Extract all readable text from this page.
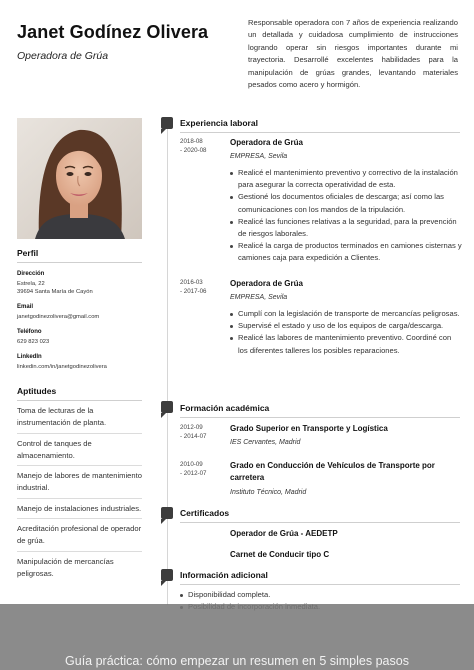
Janet Godínez Olivera
Operadora de Grúa
Responsable operadora con 7 años de experiencia realizando un detallada y cuidadosa cumplimiento de instrucciones logrando operar sin riesgos importantes durante mi trayectoria. Desarrollé excelentes habilidades para la manipulación de grúas grandes, levantando materiales pesados como acero y hormigón.
Perfil
Dirección
Estrela, 22
39694 Santa María de Cayón
Email
janetgodinezolivera@gmail.com
Teléfono
629 823 023
LinkedIn
linkedin.com/in/janetgodinezolivera
Aptitudes
Toma de lecturas de la instrumentación de planta.
Control de tanques de almacenamiento.
Manejo de labores de mantenimiento industrial.
Manejo de instalaciones industriales.
Acreditación profesional de operador de grúa.
Manipulación de mercancías peligrosas.
Experiencia laboral
2018-08
- 2020-08
Operadora de Grúa
EMPRESA, Sevila
Realicé el mantenimiento preventivo y correctivo de la instalación para asegurar la correcta operatividad de esta.
Gestioné los documentos oficiales de descarga; así como las comunicaciones con los mandos de la tripulación.
Realicé las funciones relativas a la seguridad, para la prevención de riesgos laborales.
Realicé la carga de productos terminados en camiones cisternas y camiones caja para expedición a Clientes.
2016-03
- 2017-06
Operadora de Grúa
EMPRESA, Sevila
Cumplí con la legislación de transporte de mercancías peligrosas.
Supervisé el estado y uso de los equipos de carga/descarga.
Realicé las labores de mantenimiento preventivo. Coordiné con los diferentes talleres los posibles reparaciones.
Formación académica
2012-09
- 2014-07
Grado Superior en Transporte y Logística
IES Cervantes, Madrid
2010-09
- 2012-07
Grado en Conducción de Vehículos de Transporte por carretera
Instituto Técnico, Madrid
Certificados
Operador de Grúa - AEDETP
Carnet de Conducir tipo C
Información adicional
Disponibilidad completa.
Guía práctica: cómo empezar un resumen en 5 simples pasos
